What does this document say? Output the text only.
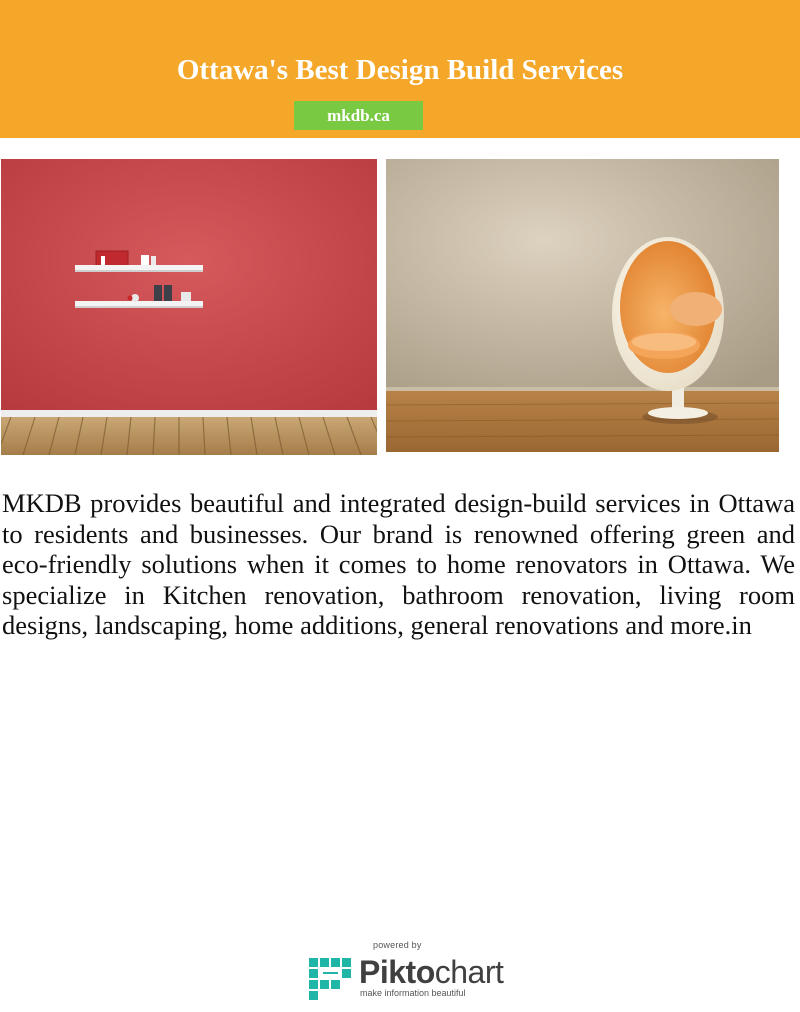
Ottawa's Best Design Build Services
mkdb.ca

MKDB provides beautiful and integrated design-build services in Ottawa to residents and businesses. Our brand is renowned offering green and eco-friendly solutions when it comes to home renovators in Ottawa. We specialize in Kitchen renovation, bathroom renovation, living room designs, landscaping, home additions, general renovations and more.in

powered by
Piktochart
make information beautiful
